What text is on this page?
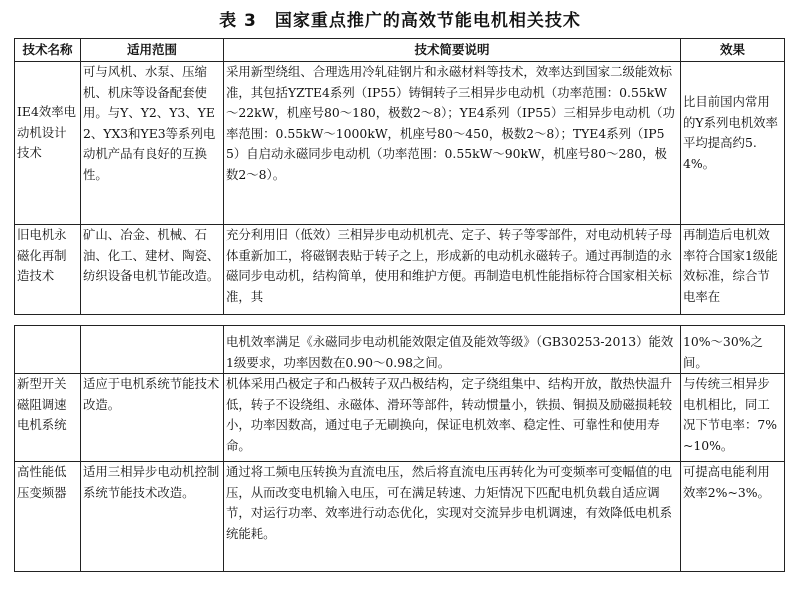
表 3　国家重点推广的高效节能电机相关技术
技术名称	适用范围	技术简要说明	效果
IE4效率电动机设计技术	可与风机、水泵、压缩机、机床等设备配套使用。与Y、Y2、Y3、YE2、YX3和YE3等系列电动机产品有良好的互换性。	采用新型绕组、合理选用冷轧硅钢片和永磁材料等技术，效率达到国家二级能效标准，其包括YZTE4系列（IP55）铸铜转子三相异步电动机（功率范围：0.55kW～22kW，机座号80～180，极数2～8）；YE4系列（IP55）三相异步电动机（功率范围：0.55kW～1000kW，机座号80～450，极数2～8）；TYE4系列（IP55）自启动永磁同步电动机（功率范围：0.55kW～90kW，机座号80～280，极数2～8）。	比目前国内常用的Y系列电机效率平均提高约5.4%。
旧电机永磁化再制造技术	矿山、冶金、机械、石油、化工、建材、陶瓷、纺织设备电机节能改造。	充分利用旧（低效）三相异步电动机机壳、定子、转子等零部件，对电动机转子母体重新加工，将磁钢表贴于转子之上，形成新的电动机永磁转子。通过再制造的永磁同步电动机，结构简单，使用和维护方便。再制造电机性能指标符合国家相关标准，其	再制造后电机效率符合国家1级能效标准，综合节电率在
		电机效率满足《永磁同步电动机能效限定值及能效等级》（GB30253-2013）能效1级要求，功率因数在0.90～0.98之间。	10%～30%之间。
新型开关磁阻调速电机系统	适应于电机系统节能技术改造。	机体采用凸极定子和凸极转子双凸极结构，定子绕组集中、结构开放，散热快温升低，转子不设绕组、永磁体、滑环等部件，转动惯量小，铁损、铜损及励磁损耗较小，功率因数高，通过电子无刷换向，保证电机效率、稳定性、可靠性和使用寿命。	与传统三相异步电机相比，同工况下节电率：7%~10%。
高性能低压变频器	适用三相异步电动机控制系统节能技术改造。	通过将工频电压转换为直流电压，然后将直流电压再转化为可变频率可变幅值的电压，从而改变电机输入电压，可在满足转速、力矩情况下匹配电机负载自适应调节，对运行功率、效率进行动态优化，实现对交流异步电机调速，有效降低电机系统能耗。	可提高电能利用效率2%~3%。
